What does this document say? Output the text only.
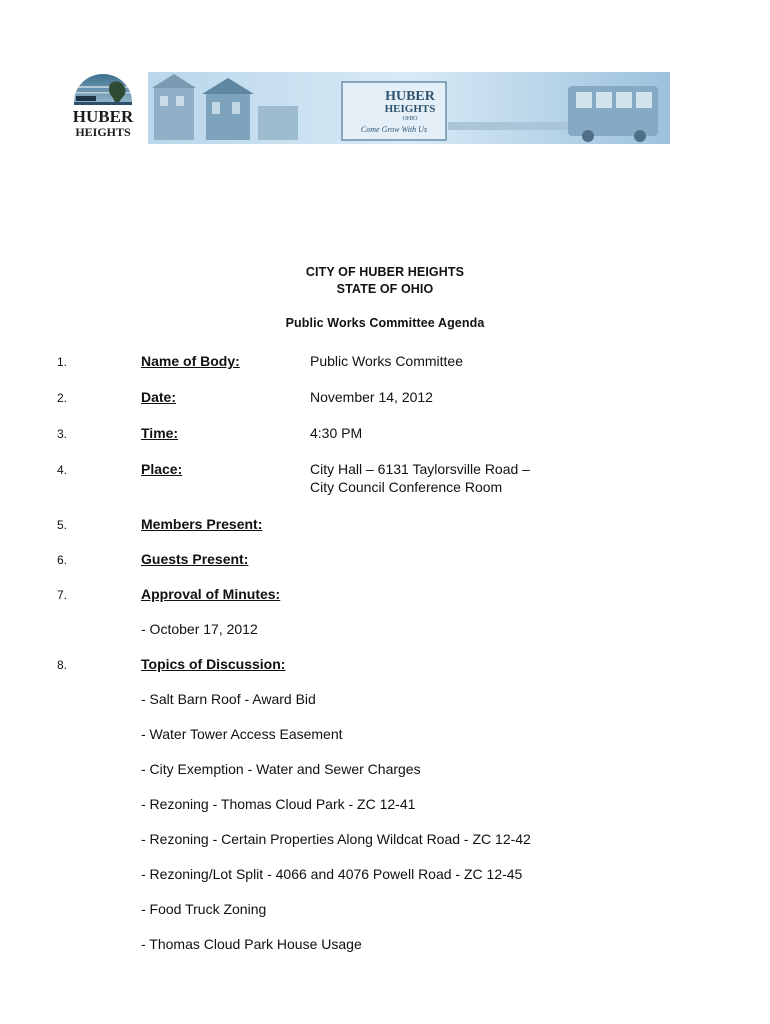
HUBER
HEIGHTS
HUBER
HEIGHTS
OHIO
Come Grow With Us
CITY OF HUBER HEIGHTS
STATE OF OHIO
Public Works Committee Agenda
1.	Name of Body:	Public Works Committee
2.	Date:	November 14, 2012
3.	Time:	4:30 PM
4.	Place:	City Hall – 6131 Taylorsville Road –
City Council Conference Room
5.	Members Present:
6.	Guests Present:
7.	Approval of Minutes:
- October 17, 2012
8.	Topics of Discussion:
- Salt Barn Roof - Award Bid
- Water Tower Access Easement
- City Exemption - Water and Sewer Charges
- Rezoning - Thomas Cloud Park - ZC 12-41
- Rezoning - Certain Properties Along Wildcat Road - ZC 12-42
- Rezoning/Lot Split - 4066 and 4076 Powell Road - ZC 12-45
- Food Truck Zoning
- Thomas Cloud Park House Usage
